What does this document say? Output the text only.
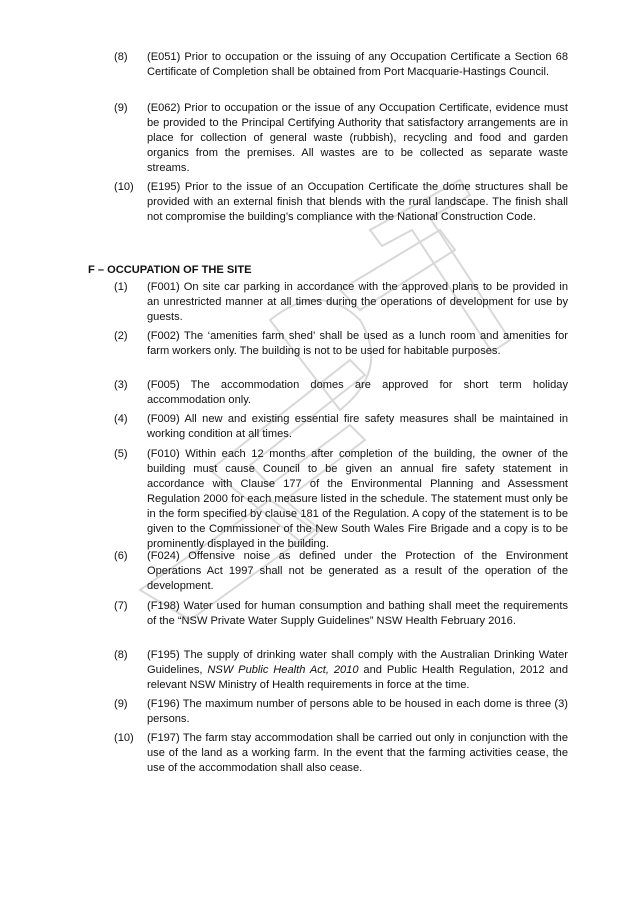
(8) (E051) Prior to occupation or the issuing of any Occupation Certificate a Section 68 Certificate of Completion shall be obtained from Port Macquarie-Hastings Council.
(9) (E062) Prior to occupation or the issue of any Occupation Certificate, evidence must be provided to the Principal Certifying Authority that satisfactory arrangements are in place for collection of general waste (rubbish), recycling and food and garden organics from the premises. All wastes are to be collected as separate waste streams.
(10) (E195) Prior to the issue of an Occupation Certificate the dome structures shall be provided with an external finish that blends with the rural landscape. The finish shall not compromise the building’s compliance with the National Construction Code.
F – OCCUPATION OF THE SITE
(1) (F001) On site car parking in accordance with the approved plans to be provided in an unrestricted manner at all times during the operations of development for use by guests.
(2) (F002) The ‘amenities farm shed’ shall be used as a lunch room and amenities for farm workers only. The building is not to be used for habitable purposes.
(3) (F005) The accommodation domes are approved for short term holiday accommodation only.
(4) (F009) All new and existing essential fire safety measures shall be maintained in working condition at all times.
(5) (F010) Within each 12 months after completion of the building, the owner of the building must cause Council to be given an annual fire safety statement in accordance with Clause 177 of the Environmental Planning and Assessment Regulation 2000 for each measure listed in the schedule. The statement must only be in the form specified by clause 181 of the Regulation. A copy of the statement is to be given to the Commissioner of the New South Wales Fire Brigade and a copy is to be prominently displayed in the building.
(6) (F024) Offensive noise as defined under the Protection of the Environment Operations Act 1997 shall not be generated as a result of the operation of the development.
(7) (F198) Water used for human consumption and bathing shall meet the requirements of the “NSW Private Water Supply Guidelines” NSW Health February 2016.
(8) (F195) The supply of drinking water shall comply with the Australian Drinking Water Guidelines, NSW Public Health Act, 2010 and Public Health Regulation, 2012 and relevant NSW Ministry of Health requirements in force at the time.
(9) (F196) The maximum number of persons able to be housed in each dome is three (3) persons.
(10) (F197) The farm stay accommodation shall be carried out only in conjunction with the use of the land as a working farm. In the event that the farming activities cease, the use of the accommodation shall also cease.
